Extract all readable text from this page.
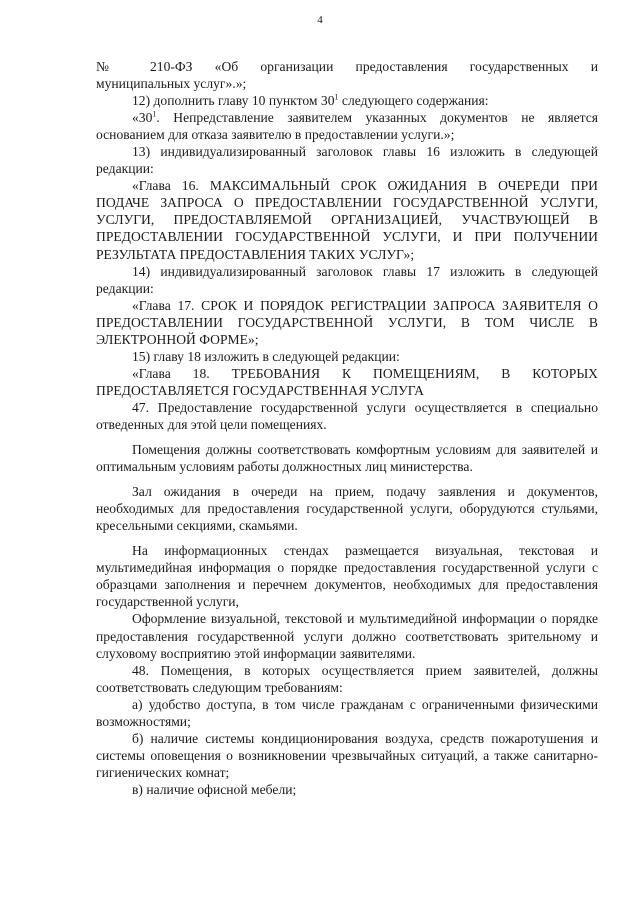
4

№ 210-ФЗ «Об организации предоставления государственных и
муниципальных услуг».»;

12) дополнить главу 10 пунктом $30^1$ следующего содержания:

«$30^1$. Непредставление заявителем указанных документов не является основанием для отказа заявителю в предоставлении услуги.»;

13) индивидуализированный заголовок главы 16 изложить в следующей редакции:

«Глава 16. МАКСИМАЛЬНЫЙ СРОК ОЖИДАНИЯ В ОЧЕРЕДИ ПРИ ПОДАЧЕ ЗАПРОСА О ПРЕДОСТАВЛЕНИИ ГОСУДАРСТВЕННОЙ УСЛУГИ, УСЛУГИ, ПРЕДОСТАВЛЯЕМОЙ ОРГАНИЗАЦИЕЙ, УЧАСТВУЮЩЕЙ В ПРЕДОСТАВЛЕНИИ ГОСУДАРСТВЕННОЙ УСЛУГИ, И ПРИ ПОЛУЧЕНИИ РЕЗУЛЬТАТА ПРЕДОСТАВЛЕНИЯ ТАКИХ УСЛУГ»;

14) индивидуализированный заголовок главы 17 изложить в следующей редакции:

«Глава 17. СРОК И ПОРЯДОК РЕГИСТРАЦИИ ЗАПРОСА ЗАЯВИТЕЛЯ О ПРЕДОСТАВЛЕНИИ ГОСУДАРСТВЕННОЙ УСЛУГИ, В ТОМ ЧИСЛЕ В ЭЛЕКТРОННОЙ ФОРМЕ»;

15) главу 18 изложить в следующей редакции:

«Глава 18. ТРЕБОВАНИЯ К ПОМЕЩЕНИЯМ, В КОТОРЫХ ПРЕДОСТАВЛЯЕТСЯ ГОСУДАРСТВЕННАЯ УСЛУГА

47. Предоставление государственной услуги осуществляется в специально отведенных для этой цели помещениях.

Помещения должны соответствовать комфортным условиям для заявителей и оптимальным условиям работы должностных лиц министерства.

Зал ожидания в очереди на прием, подачу заявления и документов, необходимых для предоставления государственной услуги, оборудуются стульями, кресельными секциями, скамьями.

На информационных стендах размещается визуальная, текстовая и мультимедийная информация о порядке предоставления государственной услуги с образцами заполнения и перечнем документов, необходимых для предоставления государственной услуги,

Оформление визуальной, текстовой и мультимедийной информации о порядке предоставления государственной услуги должно соответствовать зрительному и слуховому восприятию этой информации заявителями.

48. Помещения, в которых осуществляется прием заявителей, должны соответствовать следующим требованиям:

а) удобство доступа, в том числе гражданам с ограниченными физическими возможностями;

б) наличие системы кондиционирования воздуха, средств пожаротушения и системы оповещения о возникновении чрезвычайных ситуаций, а также санитарно-гигиенических комнат;

в) наличие офисной мебели;
